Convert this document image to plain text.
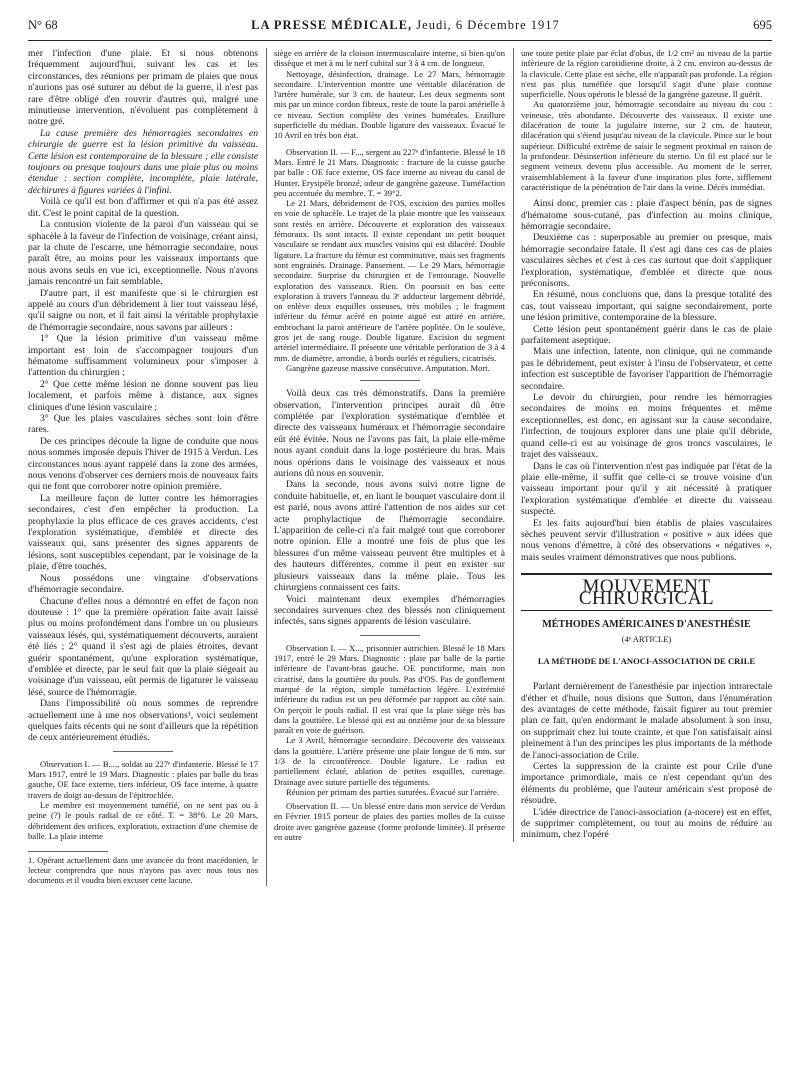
N° 68	LA PRESSE MÉDICALE, Jeudi, 6 Décembre 1917	695

mer l'infection d'une plaie. Et si nous obtenons fréquemment aujourd'hui, suivant les cas et les circonstances, des réunions per primam de plaies que nous n'aurions pas osé suturer au début de la guerre, il n'est pas rare d'être obligé d'en rouvrir d'autres qui, malgré une minutieuse intervention, n'évoluent pas complètement à notre gré.

La cause première des hémorragies secondaires en chirurgie de guerre est la lésion primitive du vaisseau. Cette lésion est contemporaine de la blessure ; elle consiste toujours ou presque toujours dans une plaie plus ou moins étendue : section complète, incomplète, plaie latérale, déchirures à figures variées à l'infini.

Voilà ce qu'il est bon d'affirmer et qui n'a pas été assez dit. C'est le point capital de la question.

La contusion violente de la paroi d'un vaisseau qui se sphacèle à la faveur de l'infection de voisinage, créant ainsi, par la chute de l'escarre, une hémorragie secondaire, nous paraît être, au moins pour les vaisseaux importants que nous avons seuls en vue ici, exceptionnelle. Nous n'avons jamais rencontré un fait semblable.

D'autre part, il est manifeste que si le chirurgien est appelé au cours d'un débridement à lier tout vaisseau lésé, qu'il saigne ou non, et il fait ainsi la véritable prophylaxie de l'hémorragie secondaire, nous savons par ailleurs :

1° Que la lésion primitive d'un vaisseau même important est loin de s'accompagner toujours d'un hématome suffisamment volumineux pour s'imposer à l'attention du chirurgien ;

2° Que cette même lésion ne donne souvent pas lieu localement, et parfois même à distance, aux signes cliniques d'une lésion vasculaire ;

3° Que les plaies vasculaires sèches sont loin d'être rares.

De ces principes découle la ligne de conduite que nous nous sommes imposée depuis l'hiver de 1915 à Verdun. Les circonstances nous ayant rappelé dans la zone des armées, nous venons d'observer ces derniers mois de nouveaux faits qui ne font que corroborer notre opinion première.

La meilleure façon de lutter contre les hémorragies secondaires, c'est d'en empêcher la production. La prophylaxie la plus efficace de ces graves accidents, c'est l'exploration systématique, d'emblée et directe des vaisseaux qui, sans présenter des signes apparents de lésions, sont susceptibles cependant, par le voisinage de la plaie, d'être touchés.

Nous possédons une vingtaine d'observations d'hémorragie secondaire.

Chacune d'elles nous a démontré en effet de façon non douteuse : 1° que la première opération faite avait laissé plus ou moins profondément dans l'ombre un ou plusieurs vaisseaux lésés, qui, systématiquement découverts, auraient été liés ; 2° quand il s'est agi de plaies étroites, devant guérir spontanément, qu'une exploration systématique, d'emblée et directe, par le seul fait que la plaie siégeait au voisinage d'un vaisseau, eût permis de ligaturer le vaisseau lésé, source de l'hémorragie.

Dans l'impossibilité où nous sommes de reprendre actuellement une à une nos observations¹, voici seulement quelques faits récents qui ne sont d'ailleurs que la répétition de ceux antérieurement étudiés.

Observation I. — B...., soldat au 227ᵉ d'infanterie. Blessé le 17 Mars 1917, entré le 19 Mars. Diagnostic : plaies par balle du bras gauche, OE face externe, tiers inférieur, OS face interne, à quatre travers de doigt au-dessus de l'épitrochlée.

Le membre est moyennement tuméfié, on ne sent pas ou à peine (?) le pouls radial de ce côté. T. = 38°6. Le 20 Mars, débridement des orifices, exploration, extraction d'une chemise de balle. La plaie interne

1. Opérant actuellement dans une avancée du front macédonien, le lecteur comprendra que nous n'ayons pas avec nous tous nos documents et il voudra bien excuser cette lacune.

siège en arrière de la cloison intermusculaire interne, si bien qu'on dissèque et met à nu le nerf cubital sur 3 à 4 cm. de longueur.

Nettoyage, désinfection, drainage. Le 27 Mars, hémorragie secondaire. L'intervention montre une véritable dilacération de l'artère humérale, sur 3 cm. de hauteur. Les deux segments sont mis par un mince cordon fibreux, reste de toute la paroi artérielle à ce niveau. Section complète des veines humérales. Eraillure superficielle du médian. Double ligature des vaisseaux. Évacué le 10 Avril en très bon état.

Observation II. — F..., sergent au 227ᵉ d'infanterie. Blessé le 18 Mars. Entré le 21 Mars. Diagnostic : fracture de la cuisse gauche par balle : OE face externe, OS face interne au niveau du canal de Hunter. Erysipèle bronzé, odeur de gangrène gazeuse. Tuméfaction peu accentuée du membre. T. = 39°2.

Le 21 Mars, débridement de l'OS, excision des parties molles en voie de sphacèle. Le trajet de la plaie montre que les vaisseaux sont restés en arrière. Découverte et exploration des vaisseaux fémoraux. Ils sont intacts. Il existe cependant un petit bouquet vasculaire se rendant aux muscles voisins qui est dilacéré. Double ligature. La fracture du fémur est comminutive, mais ses fragments sont engrainés. Drainage. Pansement. — Le 29 Mars, hémorragie secondaire. Surprise du chirurgien et de l'entourage. Nouvelle exploration des vaisseaux. Rien. On poursuit en bas cette exploration à travers l'anneau du 3ᵉ adducteur largement débridé, on enlève deux esquilles osseuses, très mobiles ; le fragment inférieur du fémur acéré en pointe aiguë est attiré en arrière, embrochant la paroi antérieure de l'artère poplitée. On le soulève, gros jet de sang rouge. Double ligature. Excision du segment artériel intermédiaire. Il présente une véritable perforation de 3 à 4 mm. de diamètre, arrondie, à bords ourlés et réguliers, cicatrisés.

Gangrène gazeuse massive consécutive. Amputation. Mort.

Voilà deux cas très démonstratifs. Dans la première observation, l'intervention principes aurait dû être complétée par l'exploration systématique d'emblée et directe des vaisseaux huméraux et l'hémorragie secondaire eût été évitée. Nous ne l'avons pas fait, la plaie elle-même nous ayant conduit dans la loge postérieure du bras. Mais nous opérions dans le voisinage des vaisseaux et nous aurions dû nous en souvenir.

Dans la seconde, nous avons suivi notre ligne de conduite habituelle, et, en liant le bouquet vasculaire dont il est parlé, nous avons attiré l'attention de nos aides sur cet acte prophylactique de l'hémorragie secondaire. L'apparition de celle-ci n'a fait malgré tout que corroborer notre opinion. Elle a montré une fois de plus que les blessures d'un même vaisseau peuvent être multiples et à des hauteurs différentes, comme il peut en exister sur plusieurs vaisseaux dans la même plaie. Tous les chirurgiens connaissent ces faits.

Voici maintenant deux exemples d'hémorragies secondaires survenues chez des blessés non cliniquement infectés, sans signes apparents de lésion vasculaire.

Observation I. — X..., prisonnier autrichien. Blessé le 18 Mars 1917, entré le 29 Mars. Diagnostic : plaie par balle de la partie inférieure de l'avant-bras gauche. OE punctiforme, mais non cicatrisé, dans la gouttière du pouls. Pas d'OS. Pas de gonflement marqué de la région, simple tuméfaction légère. L'extrémité inférieure du radius est un peu déformée par rapport au côté sain. On perçoit le pouls radial. Il est vrai que la plaie siège très bas dans la gouttière. Le blessé qui est au onzième jour de sa blessure paraît en voie de guérison.

Le 3 Avril, hémorragie secondaire. Découverte des vaisseaux dans la gouttière. L'artère présente une plaie longue de 6 mm. sur 1/3 de la circonférence. Double ligature. Le radius est partiellement éclaté, ablation de petites esquilles, curettage. Drainage avec suture partielle des téguments.

Réunion per primam des parties suturées. Évacué sur l'arrière.

Observation II. — Un blessé entre dans mon service de Verdun en Février 1915 porteur de plaies des parties molles de la cuisse droite avec gangrène gazeuse (forme profonde limitée). Il présente en outre

une toute petite plaie par éclat d'obus, de 1/2 cm² au niveau de la partie inférieure de la région carotidienne droite, à 2 cm. environ au-dessus de la clavicule. Cette plaie est sèche, elle n'apparaît pas profonde. La région n'est pas plus tuméfiée que lorsqu'il s'agit d'une plaie contuse superficielle. Nous opérons le blessé de la gangrène gazeuse. Il guérit.

Au quatorzième jour, hémorragie secondaire au niveau du cou : veineuse, très abondante. Découverte des vaisseaux. Il existe une dilacération de toute la jugulaire interne, sur 2 cm. de hauteur, dilacération qui s'étend jusqu'au niveau de la clavicule. Pince sur le bout supérieur. Difficulté extrême de saisir le segment proximal en raison de la profondeur. Désinsertion inférieure du sterno. Un fil est placé sur le segment veineux devenu plus accessible. Au moment de le serrer, vraisemblablement à la faveur d'une inspiration plus forte, sifflement caractéristique de la pénétration de l'air dans la veine. Décès immédiat.

Ainsi donc, premier cas : plaie d'aspect bénin, pas de signes d'hématome sous-cutané, pas d'infection au moins clinique, hémorragie secondaire.

Deuxième cas : superposable au premier ou presque, mais hémorragie secondaire fatale. Il s'est agi dans ces cas de plaies vasculaires sèches et c'est à ces cas surtout que doit s'appliquer l'exploration, systématique, d'emblée et directe que nous préconisons.

En résumé, nous concluons que, dans la presque totalité des cas, tout vaisseau important, qui saigne secondairement, porte une lésion primitive, contemporaine de la blessure.

Cette lésion peut spontanément guérir dans le cas de plaie parfaitement aseptique.

Mais une infection, latente, non clinique, qui ne commande pas le débridement, peut exister à l'insu de l'observateur, et cette infection est susceptible de favoriser l'apparition de l'hémorragie secondaire.

Le devoir du chirurgien, pour rendre les hémorragies secondaires de moins en moins fréquentes et même exceptionnelles, est donc, en agissant sur la cause secondaire, l'infection, de toujours explorer dans une plaie qu'il débride, quand celle-ci est au voisinage de gros troncs vasculaires, le trajet des vaisseaux.

Dans le cas où l'intervention n'est pas indiquée par l'état de la plaie elle-même, il suffit que celle-ci se trouve voisine d'un vaisseau important pour qu'il y ait nécessité à pratiquer l'exploration systématique d'emblée et directe du vaisseau suspecté.

Et les faits aujourd'hui bien établis de plaies vasculaires sèches peuvent servir d'illustration « positive » aux idées que nous venons d'émettre, à côté des observations « négatives », mais seules vraiment démonstratives que nous publions.

MOUVEMENT CHIRURGICAL

MÉTHODES AMÉRICAINES D'ANESTHÉSIE

(4ᵉ ARTICLE)

LA MÉTHODE DE L'ANOCI-ASSOCIATION DE CRILE

Parlant dernièrement de l'anesthésie par injection intrarectale d'éther et d'huile, nous disions que Sutton, dans l'énumération des avantages de cette méthode, faisait figurer au tout premier plan ce fait, qu'en endormant le malade absolument à son insu, on supprimait chez lui toute crainte, et que l'on satisfaisait ainsi pleinement à l'un des principes les plus importants de la méthode de l'anoci-association de Crile.

Certes la suppression de la crainte est pour Crile d'une importance primordiale, mais ce n'est cependant qu'un des éléments du problème, que l'auteur américain s'est proposé de résoudre.

L'idée directrice de l'anoci-association (a-nocere) est en effet, de supprimer complètement, ou tout au moins de réduire au minimum, chez l'opéré
